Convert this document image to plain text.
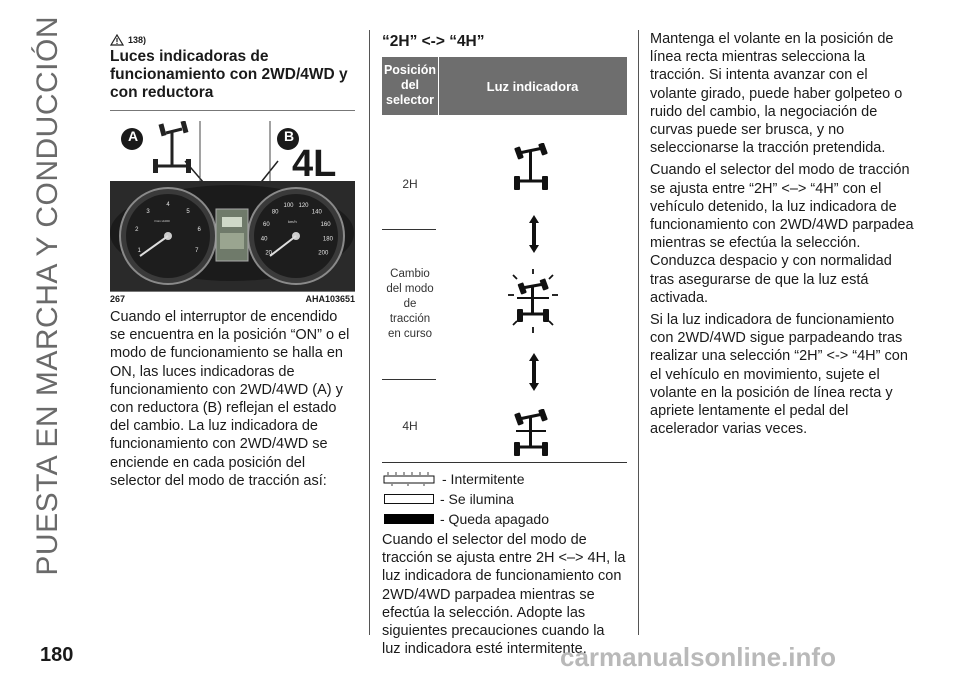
PUESTA EN MARCHA Y CONDUCCIÓN	138)
Luces indicadoras de funcionamiento con 2WD/4WD y con reductora
1
2
3
4
5
6
7	20
40
60
80
100 120
140
160
180
200
A	B
4L
r/min x1000	km/h
267	AHA103651

Cuando el interruptor de encendido se encuentra en la posición “ON” o el modo de funcionamiento se halla en ON, las luces indicadoras de funcionamiento con 2WD/4WD (A) y con reductora (B) reflejan el estado del cambio. La luz indicadora de funcionamiento con 2WD/4WD se enciende en cada posición del selector del modo de tracción así:

“2H” <-> “4H”
Posición del selector
Luz indicadora
2H
Cambio del modo de tracción en curso
4H
- Intermitente
- Se ilumina
- Queda apagado

Cuando el selector del modo de tracción se ajusta entre 2H <–> 4H, la luz indicadora de funcionamiento con 2WD/4WD parpadea mientras se efectúa la selección. Adopte las siguientes precauciones cuando la luz indicadora esté intermitente.

Mantenga el volante en la posición de línea recta mientras selecciona la tracción. Si intenta avanzar con el volante girado, puede haber golpeteo o ruido del cambio, la negociación de curvas puede ser brusca, y no seleccionarse la tracción pretendida.

Cuando el selector del modo de tracción se ajusta entre “2H” <–> “4H” con el vehículo detenido, la luz indicadora de funcionamiento con 2WD/4WD parpadea mientras se efectúa la selección. Conduzca despacio y con normalidad tras asegurarse de que la luz está activada.

Si la luz indicadora de funcionamiento con 2WD/4WD sigue parpadeando tras realizar una selección “2H” <-> “4H” con el vehículo en movimiento, sujete el volante en la posición de línea recta y apriete lentamente el pedal del acelerador varias veces.

180	carmanualsonline.info
